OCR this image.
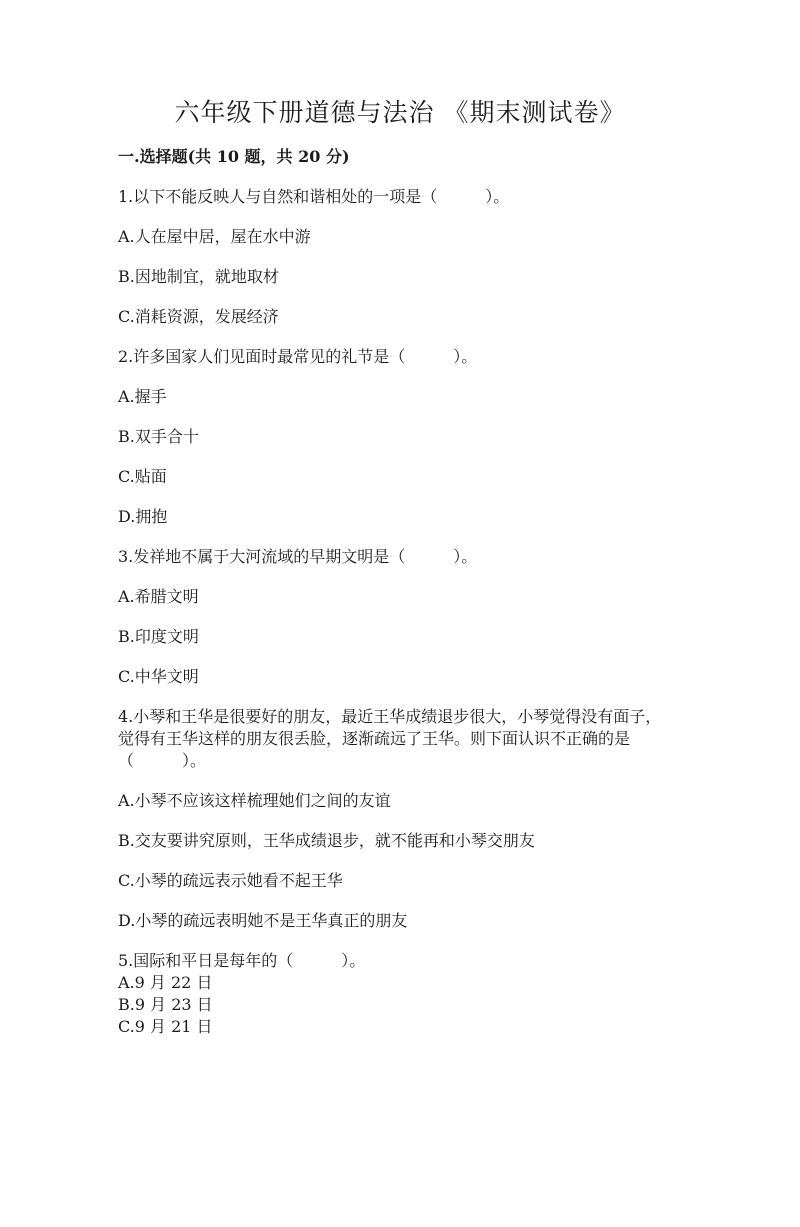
六年级下册道德与法治 《期末测试卷》
一.选择题(共 10 题，共 20 分)
1.以下不能反映人与自然和谐相处的一项是（　　　）。
A.人在屋中居，屋在水中游
B.因地制宜，就地取材
C.消耗资源，发展经济
2.许多国家人们见面时最常见的礼节是（　　　）。
A.握手
B.双手合十
C.贴面
D.拥抱
3.发祥地不属于大河流域的早期文明是（　　　）。
A.希腊文明
B.印度文明
C.中华文明
4.小琴和王华是很要好的朋友，最近王华成绩退步很大，小琴觉得没有面子，
觉得有王华这样的朋友很丢脸，逐渐疏远了王华。则下面认识不正确的是
（　　　）。
A.小琴不应该这样梳理她们之间的友谊
B.交友要讲究原则，王华成绩退步，就不能再和小琴交朋友
C.小琴的疏远表示她看不起王华
D.小琴的疏远表明她不是王华真正的朋友
5.国际和平日是每年的（　　　）。
A.9 月 22 日
B.9 月 23 日
C.9 月 21 日
